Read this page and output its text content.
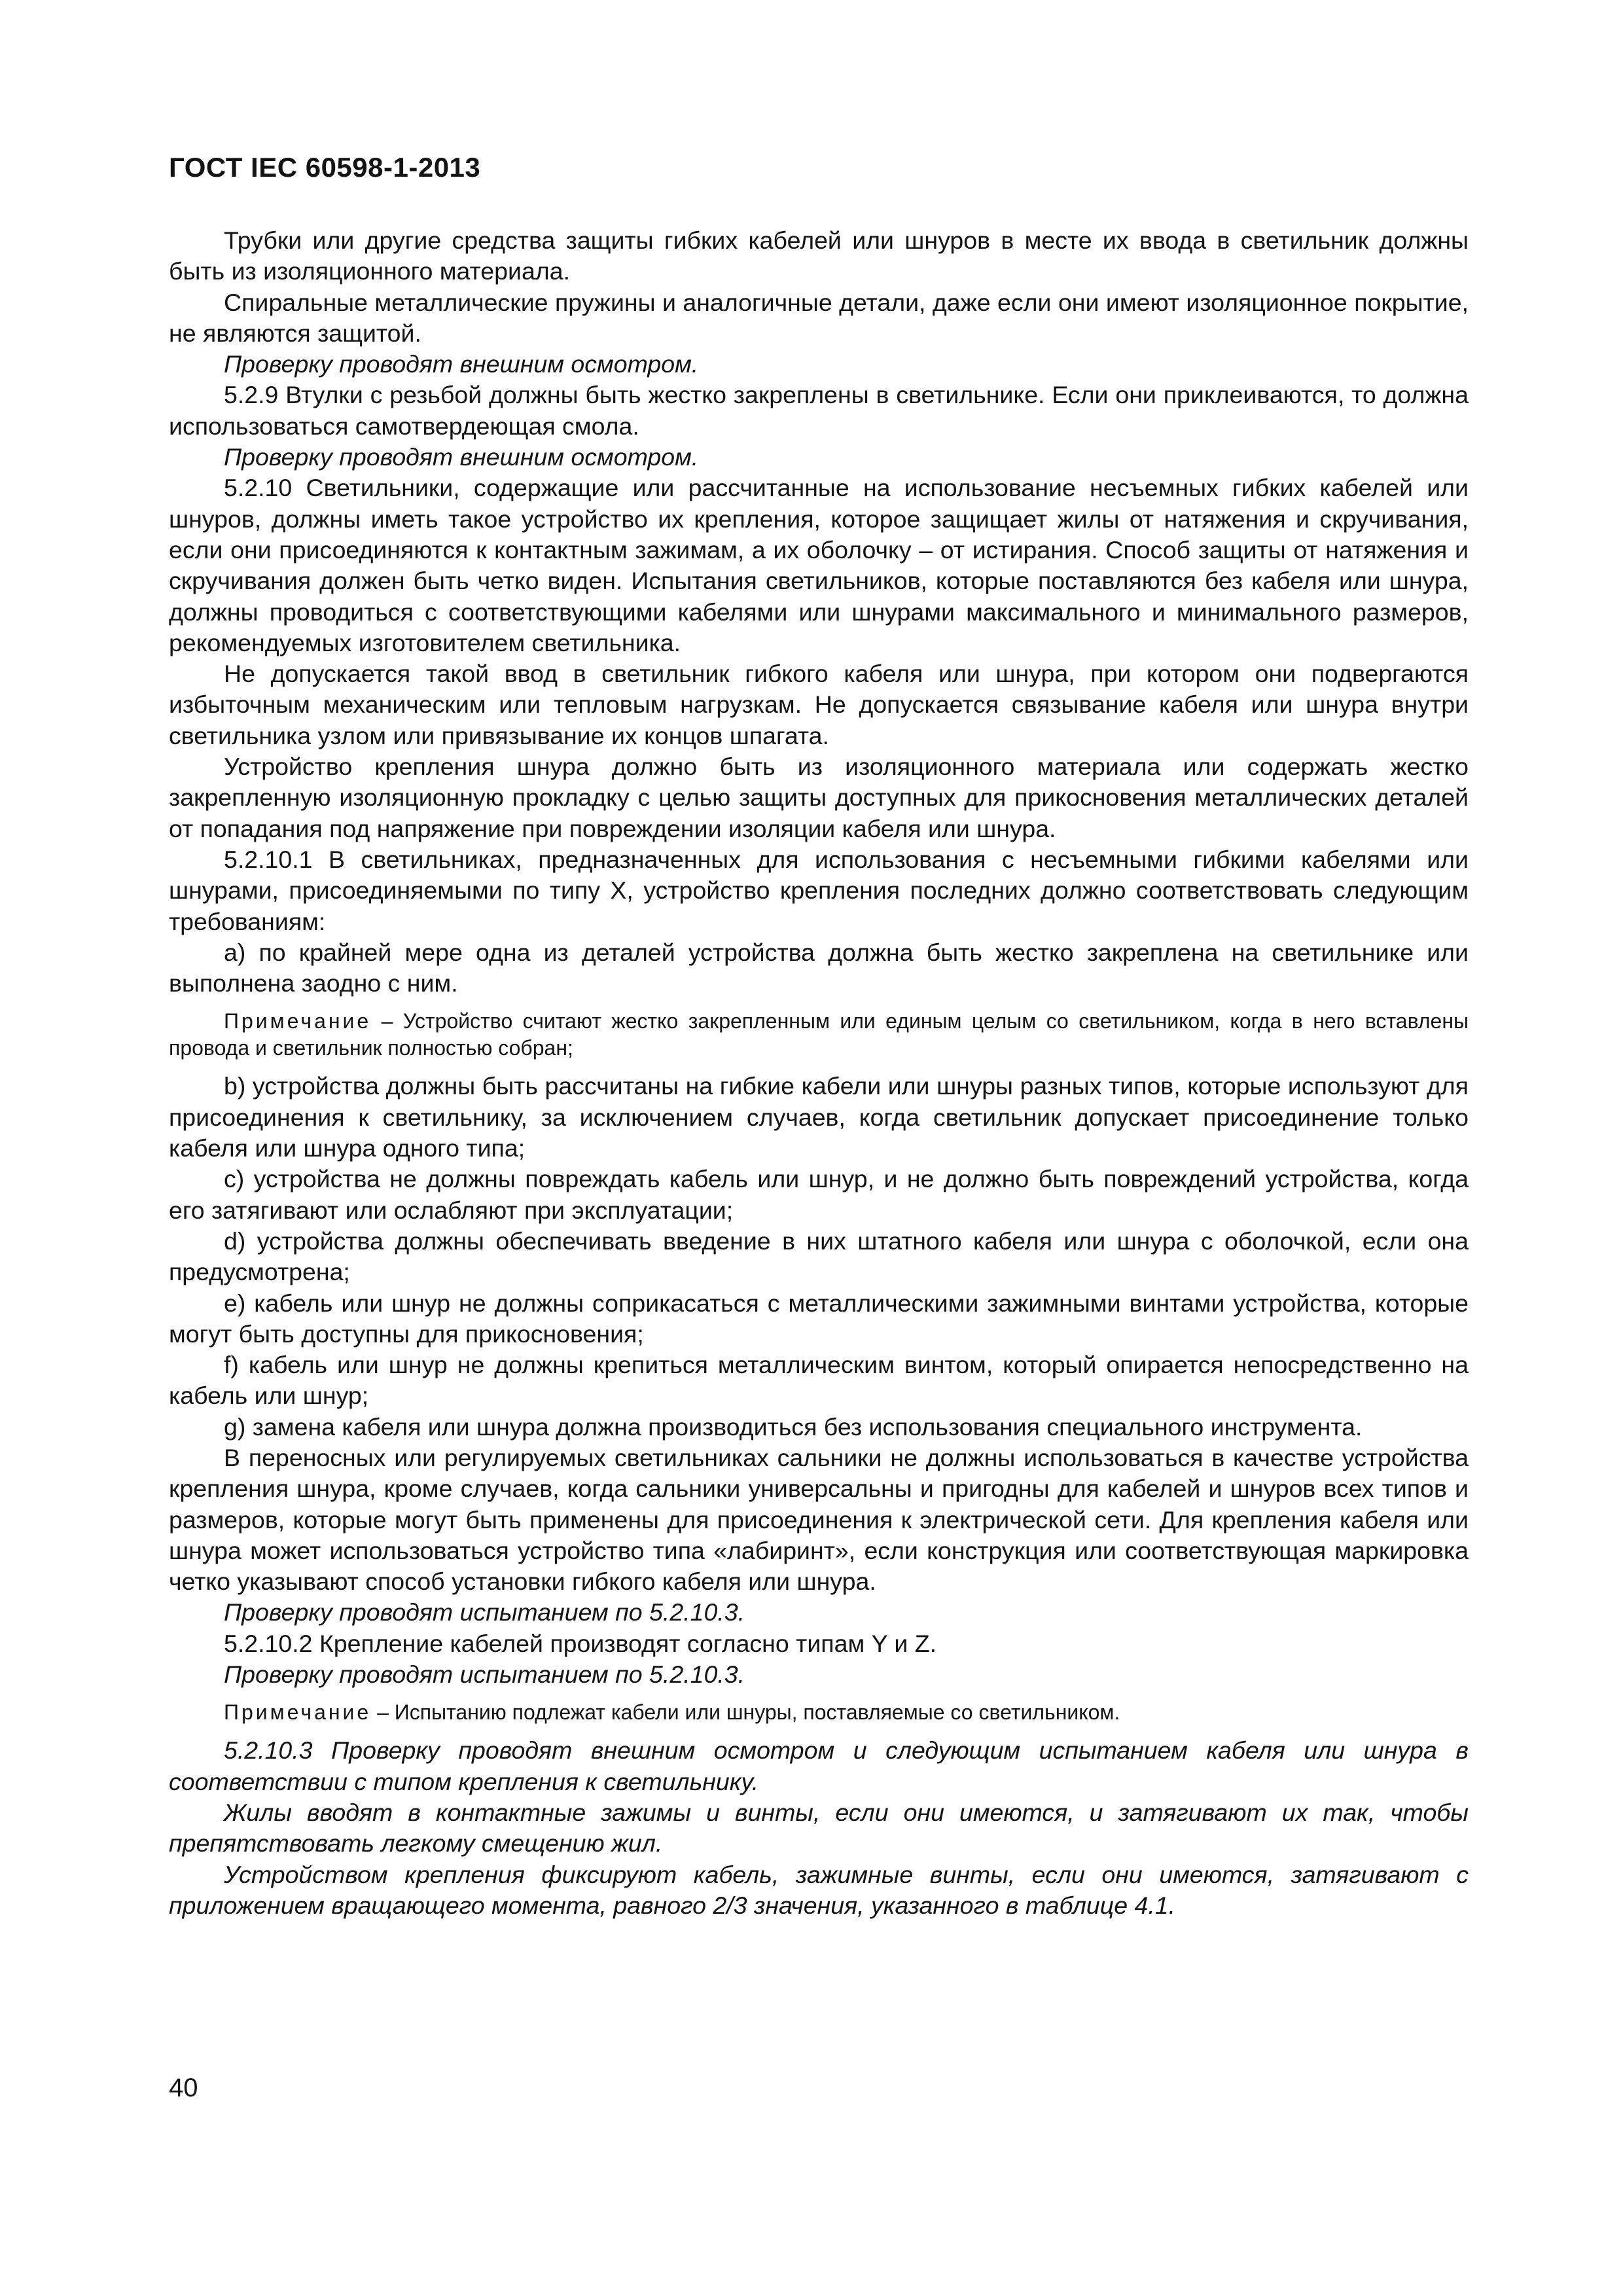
ГОСТ IEC 60598-1-2013

Трубки или другие средства защиты гибких кабелей или шнуров в месте их ввода в светильник должны быть из изоляционного материала.

Спиральные металлические пружины и аналогичные детали, даже если они имеют изоляционное покрытие, не являются защитой.

Проверку проводят внешним осмотром.

5.2.9 Втулки с резьбой должны быть жестко закреплены в светильнике. Если они приклеиваются, то должна использоваться самотвердеющая смола.

Проверку проводят внешним осмотром.

5.2.10 Светильники, содержащие или рассчитанные на использование несъемных гибких кабелей или шнуров, должны иметь такое устройство их крепления, которое защищает жилы от натяжения и скручивания, если они присоединяются к контактным зажимам, а их оболочку – от истирания. Способ защиты от натяжения и скручивания должен быть четко виден. Испытания светильников, которые поставляются без кабеля или шнура, должны проводиться с соответствующими кабелями или шнурами максимального и минимального размеров, рекомендуемых изготовителем светильника.

Не допускается такой ввод в светильник гибкого кабеля или шнура, при котором они подвергаются избыточным механическим или тепловым нагрузкам. Не допускается связывание кабеля или шнура внутри светильника узлом или привязывание их концов шпагата.

Устройство крепления шнура должно быть из изоляционного материала или содержать жестко закрепленную изоляционную прокладку с целью защиты доступных для прикосновения металлических деталей от попадания под напряжение при повреждении изоляции кабеля или шнура.

5.2.10.1 В светильниках, предназначенных для использования с несъемными гибкими кабелями или шнурами, присоединяемыми по типу X, устройство крепления последних должно соответствовать следующим требованиям:

a) по крайней мере одна из деталей устройства должна быть жестко закреплена на светильнике или выполнена заодно с ним.

Примечание – Устройство считают жестко закрепленным или единым целым со светильником, когда в него вставлены провода и светильник полностью собран;

b) устройства должны быть рассчитаны на гибкие кабели или шнуры разных типов, которые используют для присоединения к светильнику, за исключением случаев, когда светильник допускает присоединение только кабеля или шнура одного типа;

c) устройства не должны повреждать кабель или шнур, и не должно быть повреждений устройства, когда его затягивают или ослабляют при эксплуатации;

d) устройства должны обеспечивать введение в них штатного кабеля или шнура с оболочкой, если она предусмотрена;

e) кабель или шнур не должны соприкасаться с металлическими зажимными винтами устройства, которые могут быть доступны для прикосновения;

f) кабель или шнур не должны крепиться металлическим винтом, который опирается непосредственно на кабель или шнур;

g) замена кабеля или шнура должна производиться без использования специального инструмента.

В переносных или регулируемых светильниках сальники не должны использоваться в качестве устройства крепления шнура, кроме случаев, когда сальники универсальны и пригодны для кабелей и шнуров всех типов и размеров, которые могут быть применены для присоединения к электрической сети. Для крепления кабеля или шнура может использоваться устройство типа «лабиринт», если конструкция или соответствующая маркировка четко указывают способ установки гибкого кабеля или шнура.

Проверку проводят испытанием по 5.2.10.3.

5.2.10.2 Крепление кабелей производят согласно типам Y и Z.

Проверку проводят испытанием по 5.2.10.3.

Примечание – Испытанию подлежат кабели или шнуры, поставляемые со светильником.

5.2.10.3 Проверку проводят внешним осмотром и следующим испытанием кабеля или шнура в соответствии с типом крепления к светильнику.

Жилы вводят в контактные зажимы и винты, если они имеются, и затягивают их так, чтобы препятствовать легкому смещению жил.

Устройством крепления фиксируют кабель, зажимные винты, если они имеются, затягивают с приложением вращающего момента, равного 2/3 значения, указанного в таблице 4.1.

40
